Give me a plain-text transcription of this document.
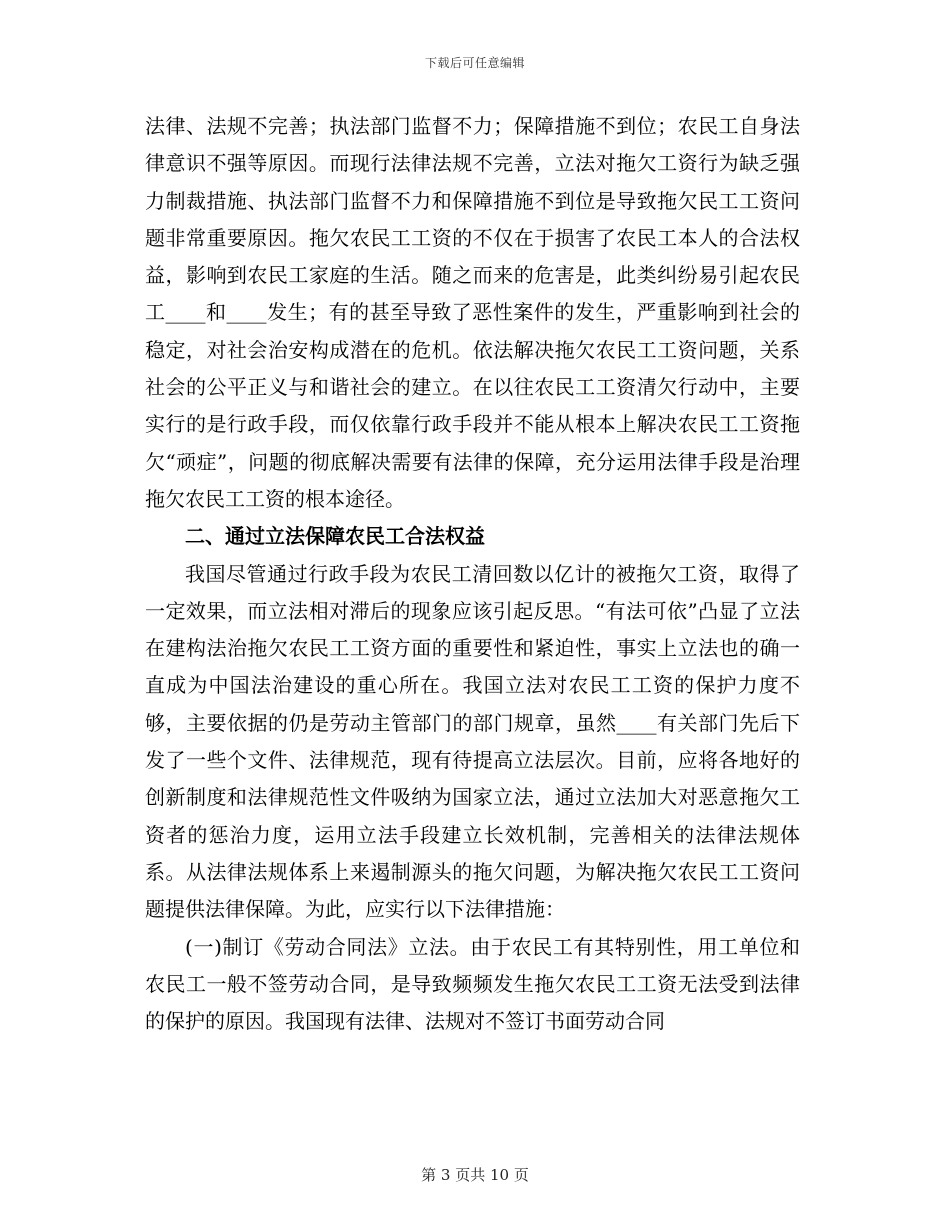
下载后可任意编辑

法律、法规不完善；执法部门监督不力；保障措施不到位；农民工自身法律意识不强等原因。而现行法律法规不完善，立法对拖欠工资行为缺乏强力制裁措施、执法部门监督不力和保障措施不到位是导致拖欠民工工资问题非常重要原因。拖欠农民工工资的不仅在于损害了农民工本人的合法权益，影响到农民工家庭的生活。随之而来的危害是，此类纠纷易引起农民工____和____发生；有的甚至导致了恶性案件的发生，严重影响到社会的稳定，对社会治安构成潜在的危机。依法解决拖欠农民工工资问题，关系社会的公平正义与和谐社会的建立。在以往农民工工资清欠行动中，主要实行的是行政手段，而仅依靠行政手段并不能从根本上解决农民工工资拖欠“顽症”，问题的彻底解决需要有法律的保障，充分运用法律手段是治理拖欠农民工工资的根本途径。

二、通过立法保障农民工合法权益

我国尽管通过行政手段为农民工清回数以亿计的被拖欠工资，取得了一定效果，而立法相对滞后的现象应该引起反思。“有法可依”凸显了立法在建构法治拖欠农民工工资方面的重要性和紧迫性，事实上立法也的确一直成为中国法治建设的重心所在。我国立法对农民工工资的保护力度不够，主要依据的仍是劳动主管部门的部门规章，虽然____有关部门先后下发了一些个文件、法律规范，现有待提高立法层次。目前，应将各地好的创新制度和法律规范性文件吸纳为国家立法，通过立法加大对恶意拖欠工资者的惩治力度，运用立法手段建立长效机制，完善相关的法律法规体系。从法律法规体系上来遏制源头的拖欠问题，为解决拖欠农民工工资问题提供法律保障。为此，应实行以下法律措施：

(一)制订《劳动合同法》立法。由于农民工有其特别性，用工单位和农民工一般不签劳动合同，是导致频频发生拖欠农民工工资无法受到法律的保护的原因。我国现有法律、法规对不签订书面劳动合同

第 3 页共 10 页
